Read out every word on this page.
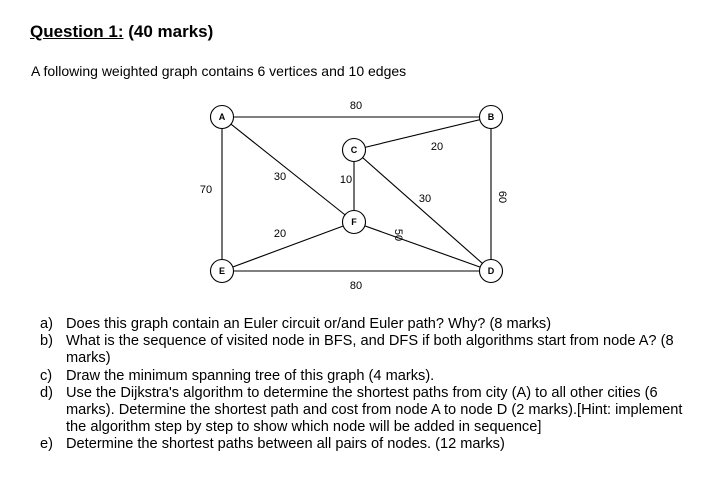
Question 1: (40 marks)
A following weighted graph contains 6 vertices and 10 edges
80
70
30
20
10
30	60
20	50
80
A	B
C
F
E	D
a) Does this graph contain an Euler circuit or/and Euler path? Why? (8 marks)
b) What is the sequence of visited node in BFS, and DFS if both algorithms start from node A? (8 marks)
c) Draw the minimum spanning tree of this graph (4 marks).
d) Use the Dijkstra's algorithm to determine the shortest paths from city (A) to all other cities (6 marks). Determine the shortest path and cost from node A to node D (2 marks).[Hint: implement the algorithm step by step to show which node will be added in sequence]
e) Determine the shortest paths between all pairs of nodes. (12 marks)
